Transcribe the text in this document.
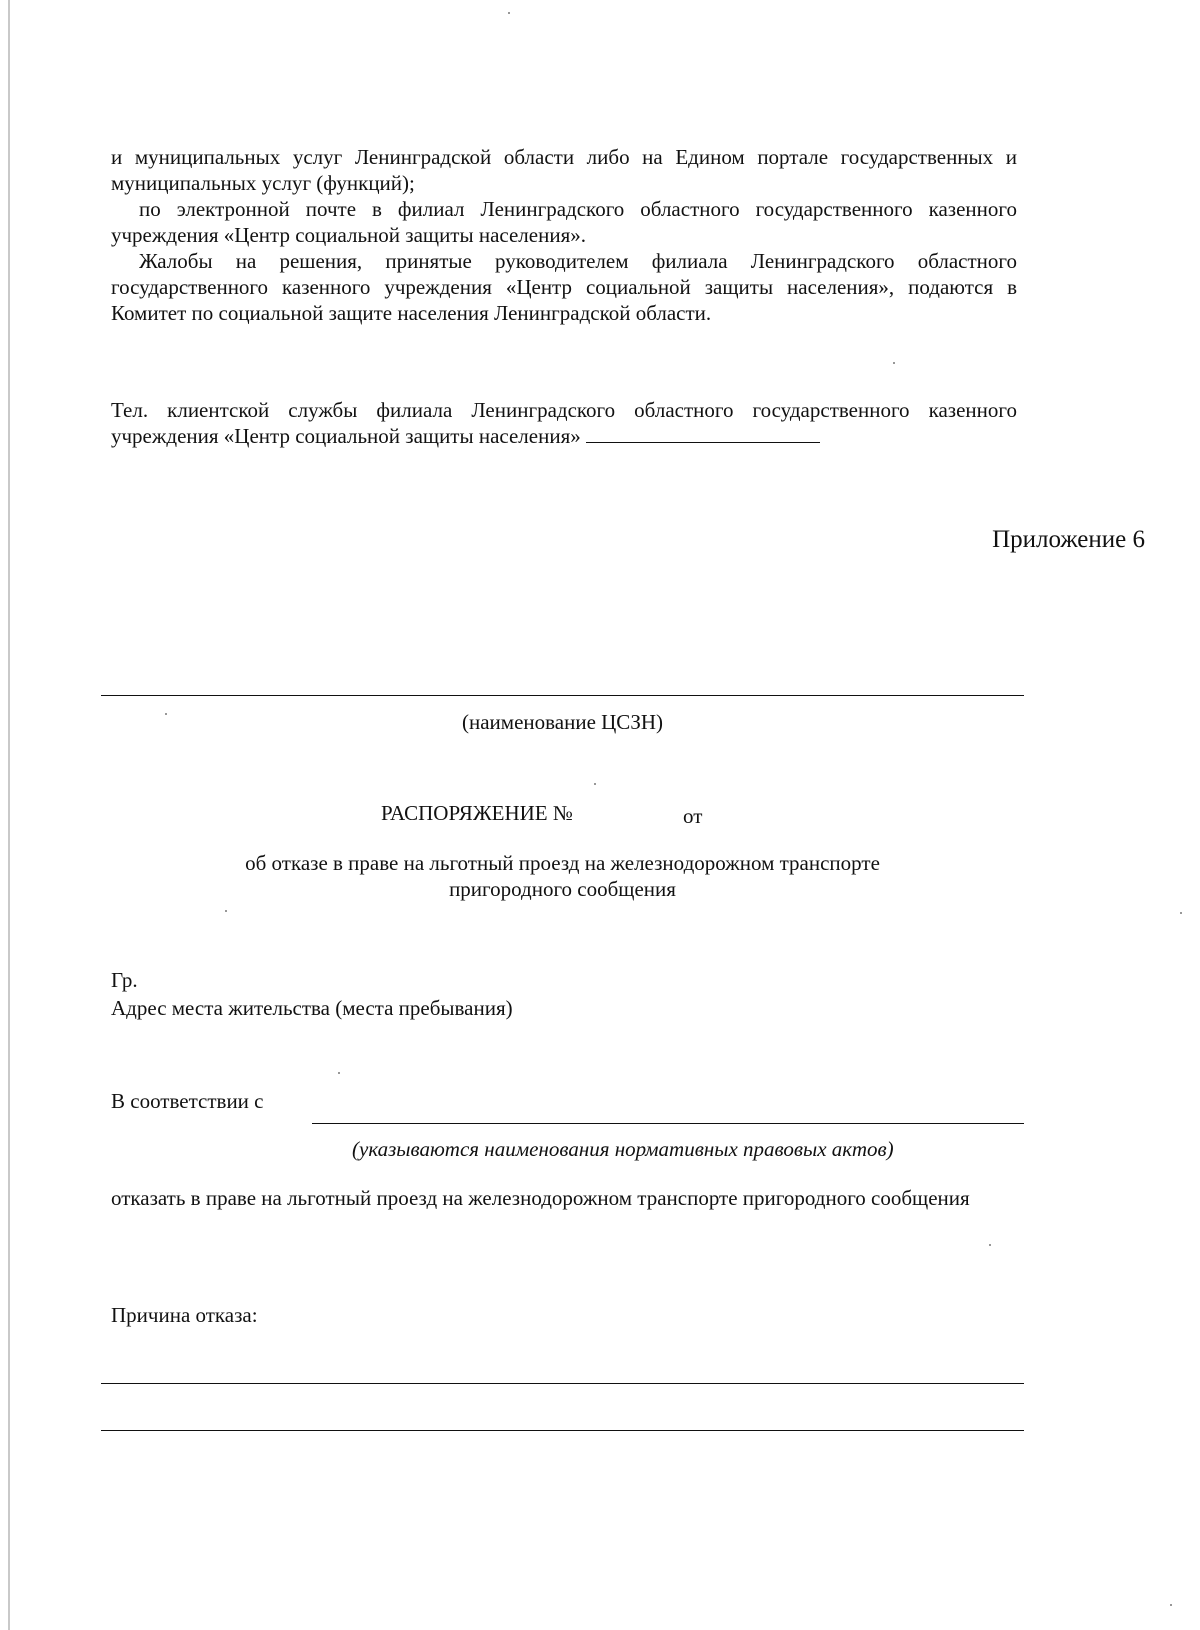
и муниципальных услуг Ленинградской области либо на Едином портале государственных и муниципальных услуг (функций);

по электронной почте в филиал Ленинградского областного государственного казенного учреждения «Центр социальной защиты населения».

Жалобы на решения, принятые руководителем филиала Ленинградского областного государственного казенного учреждения «Центр социальной защиты населения», подаются в Комитет по социальной защите населения Ленинградской области.

Тел. клиентской службы филиала Ленинградского областного государственного казенного учреждения «Центр социальной защиты населения»

Приложение 6
(наименование ЦСЗН)
РАСПОРЯЖЕНИЕ №	от
об отказе в праве на льготный проезд на железнодорожном транспорте
пригородного сообщения
Гр.
Адрес места жительства (места пребывания)
В соответствии с
(указываются наименования нормативных правовых актов)

отказать в праве на льготный проезд на железнодорожном транспорте пригородного сообщения

Причина отказа:
